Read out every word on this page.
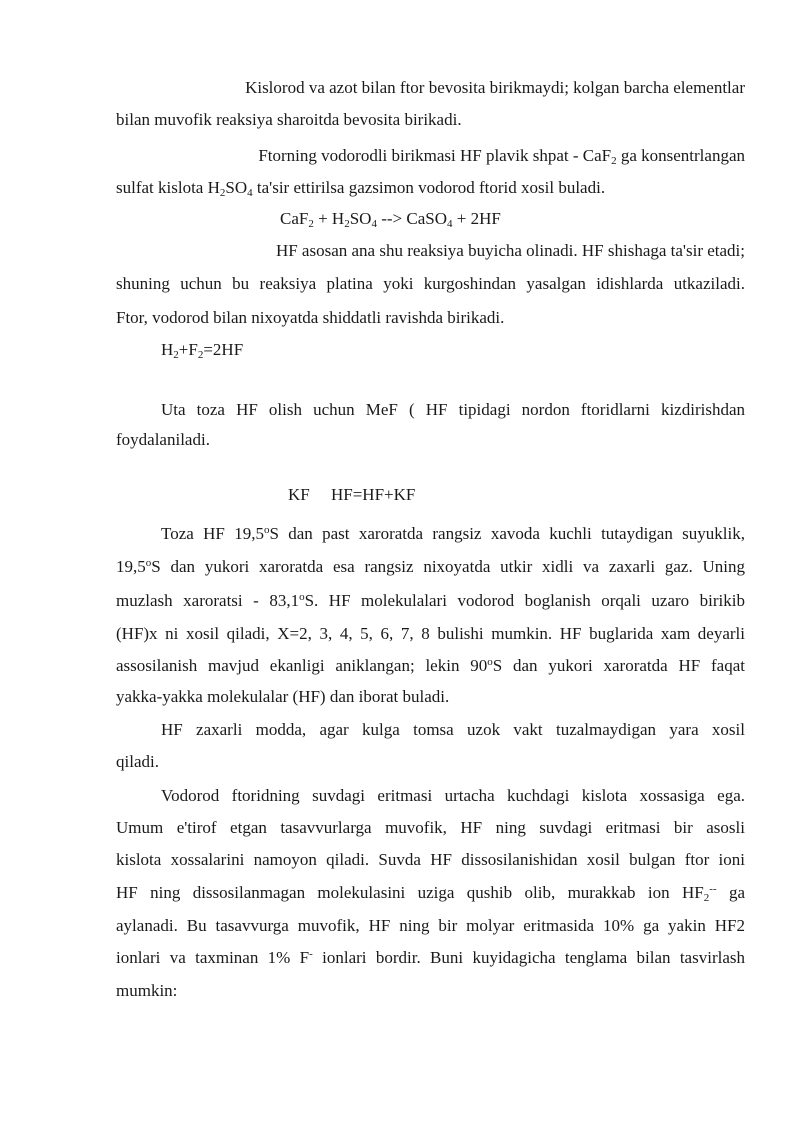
Kislorod va azot bilan ftor bevosita birikmaydi; kolgan barcha elementlar
bilan muvofik reaksiya sharoitda bevosita birikadi.
Ftorning vodorodli birikmasi HF plavik shpat - CaF$_2$ ga konsentrlangan
sulfat kislota $H_2SO_4$ ta'sir ettirilsa gazsimon vodorod ftorid xosil buladi.
$CaF_2 + H_2SO_4$ --> CaSO$_4$ + 2HF
HF asosan ana shu reaksiya buyicha olinadi. HF shishaga ta'sir etadi;
shuning uchun bu reaksiya platina yoki kurgoshindan yasalgan idishlarda utkaziladi.
Ftor, vodorod bilan nixoyatda shiddatli ravishda birikadi.
$H_2+F_2=2HF$
Uta toza HF olish uchun MeF ( HF tipidagi nordon ftoridlarni kizdirishdan
foydalaniladi.

KF     HF=HF+KF

Toza HF 19,5$^o$S dan past xaroratda rangsiz xavoda kuchli tutaydigan suyuklik,
19,5$^o$S dan yukori xaroratda esa rangsiz nixoyatda utkir xidli va zaxarli gaz. Uning
muzlash xaroratsi - 83,1$^o$S. HF molekulalari vodorod boglanish orqali uzaro birikib
(HF)x ni xosil qiladi, X=2, 3, 4, 5, 6, 7, 8 bulishi mumkin. HF buglarida xam deyarli
assosilanish mavjud ekanligi aniklangan; lekin 90$^o$S dan yukori xaroratda HF faqat
yakka-yakka molekulalar (HF) dan iborat buladi.
HF zaxarli modda, agar kulga tomsa uzok vakt tuzalmaydigan yara xosil
qiladi.
Vodorod ftoridning suvdagi eritmasi urtacha kuchdagi kislota xossasiga ega.
Umum e'tirof etgan tasavvurlarga muvofik, HF ning suvdagi eritmasi bir asosli
kislota xossalarini namoyon qiladi. Suvda HF dissosilanishidan xosil bulgan ftor ioni
HF ning dissosilanmagan molekulasini uziga qushib olib, murakkab ion $HF_2^{--}$ ga
aylanadi. Bu tasavvurga muvofik, HF ning bir molyar eritmasida 10% ga yakin HF2
ionlari va taxminan 1% F- ionlari bordir. Buni kuyidagicha tenglama bilan tasvirlash
mumkin:
